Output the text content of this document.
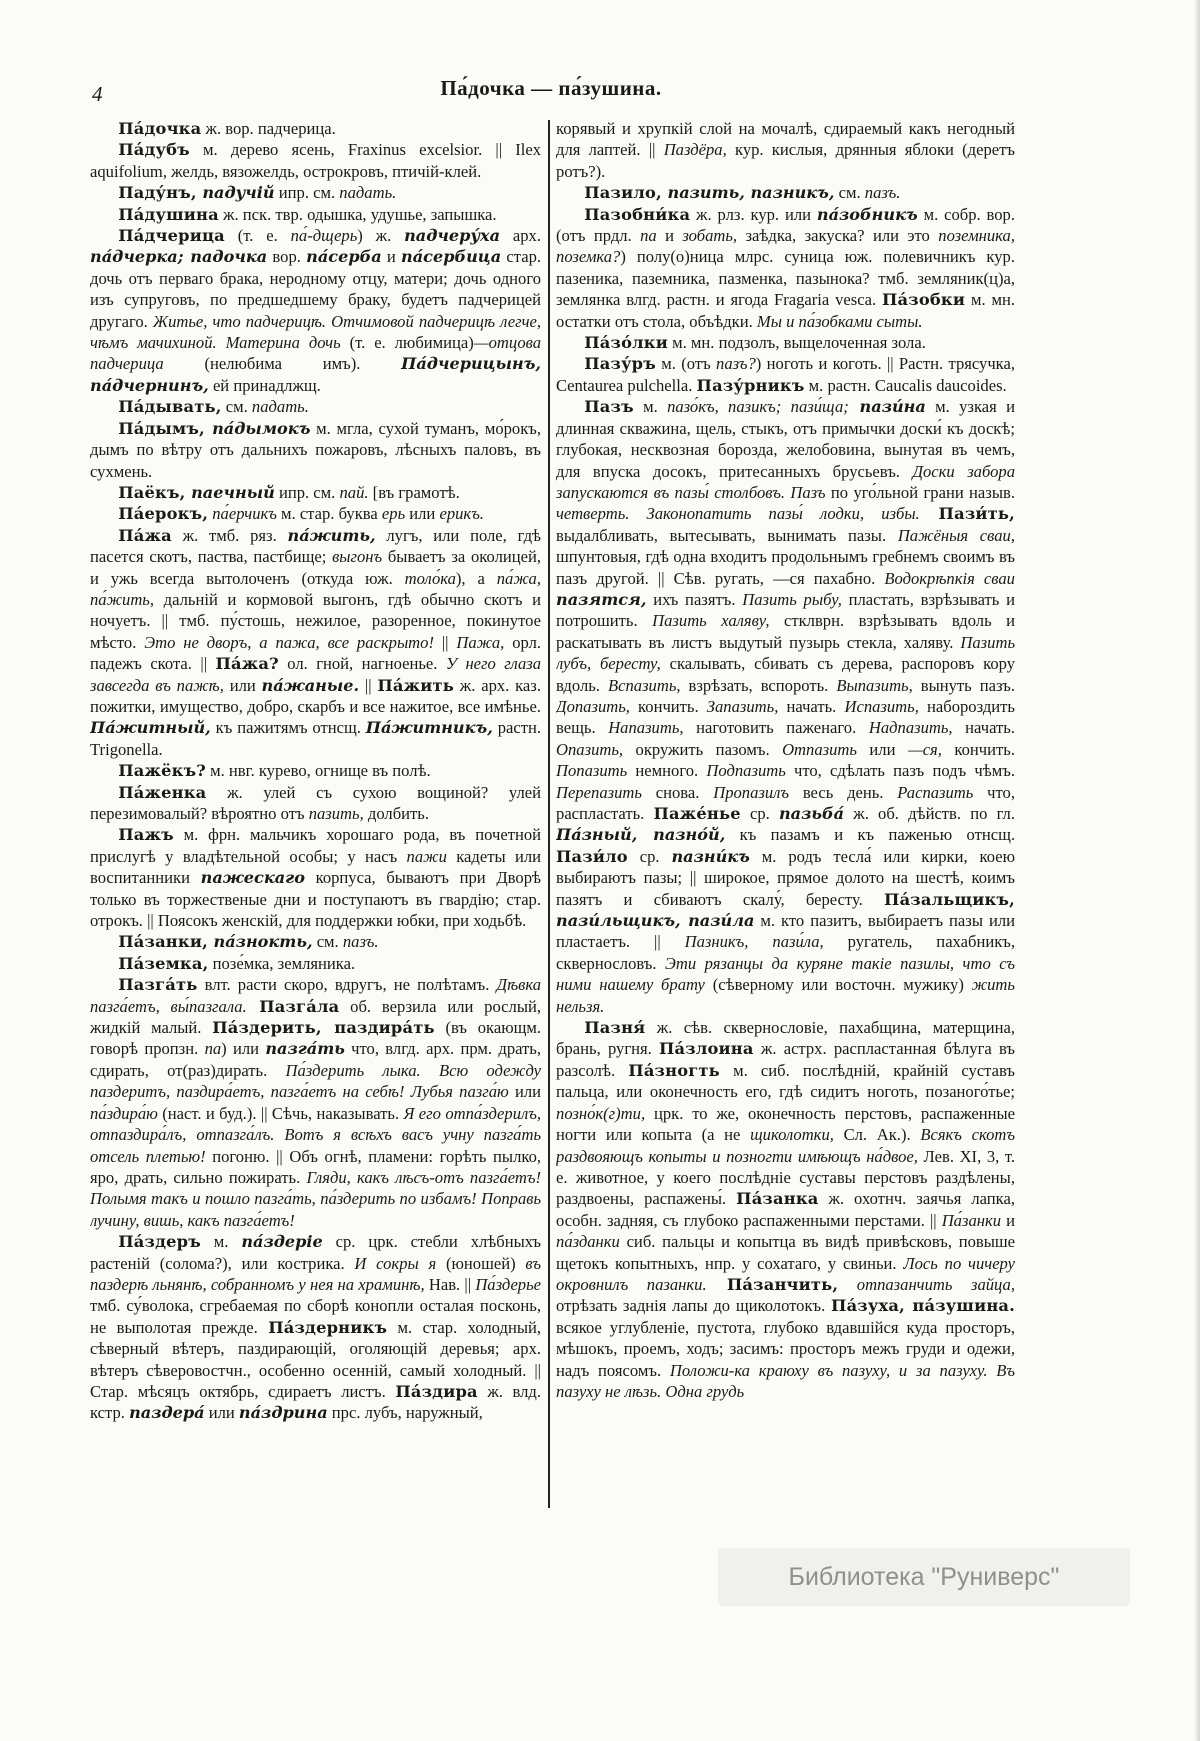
4	Па́дочка — па́зушина.
Па́дочка ж. вор. падчерица.
Па́дубъ м. дерево ясень, Fraxinus excelsior. || Ilex aquifolium, желдь, вязожелдь, острокровъ, птичій-клей.
Паду́нъ, падучій ипр. см. падать.
Па́душина ж. пск. твр. одышка, удушье, запышка.
Па́дчерица (т. е. па́-дщерь) ж. падчеру́ха арх. па́дчерка; падочка вор. па́серба и па́сербица стар. дочь отъ перваго брака, неродному отцу, матери; дочь одного изъ супруговъ, по предшедшему браку, будетъ падчерицей другаго. Житье, что падчерицѣ. Отчимовой падчерицѣ легче, чѣмъ мачихиной. Материна дочь (т. е. любимица)—отцова падчерица (нелюбима имъ). Па́дчерицынъ, па́дчернинъ, ей принадлжщ.
Па́дывать, см. падать.
Па́дымъ, па́дымокъ м. мгла, сухой туманъ, мо́рокъ, дымъ по вѣтру отъ дальнихъ пожаровъ, лѣсныхъ паловъ, въ сухмень.
Паёкъ, паечный ипр. см. пай. [въ грамотѣ.
Па́ерокъ, па́ерчикъ м. стар. буква ерь или ерикъ.
Па́жа ж. тмб. ряз. па́жить, лугъ, или поле, гдѣ пасется скотъ, паства, пастбище; выгонъ бываетъ за околицей, и ужь всегда вытолоченъ (откуда юж. толо́ка), а па́жа, па́жить, дальній и кормовой выгонъ, гдѣ обычно скотъ и ночуетъ. || тмб. пу́стошь, нежилое, разоренное, покинутое мѣсто. Это не дворъ, а пажа, все раскрыто! || Пажа, орл. падежъ скота. || Па́жа? ол. гной, нагноенье. У него глаза завсегда въ пажѣ, или па́жаные. || Па́жить ж. арх. каз. пожитки, имущество, добро, скарбъ и все нажитое, все имѣнье. Па́житный, къ пажитямъ отнсщ. Па́житникъ, растн. Trigonella.
Пажёкъ? м. нвг. курево, огнище въ полѣ.
Па́женка ж. улей съ сухою вощиной? улей перезимовалый? вѣроятно отъ пазить, долбить.
Пажъ м. фрн. мальчикъ хорошаго рода, въ почетной прислугѣ у владѣтельной особы; у насъ пажи кадеты или воспитанники пажескаго корпуса, бываютъ при Дворѣ только въ торжественые дни и поступаютъ въ гвардію; стар. отрокъ. || Поясокъ женскій, для поддержки юбки, при ходьбѣ.
Па́занки, па́знокть, см. пазъ.
Па́земка, позе́мка, земляника.
Пазга́ть влт. расти скоро, вдругъ, не полѣтамъ. Дѣвка пазга́етъ, вы́пазгала. Пазга́ла об. верзила или рослый, жидкій малый. Па́здерить, паздира́ть (въ окающм. говорѣ пропзн. па) или пазга́ть что, влгд. арх. прм. драть, сдирать, от(раз)дирать. Па́здерить лыка. Всю одежду паздеритъ, паздира́етъ, пазга́етъ на себѣ! Лубья пазга́ю или па́здира́ю (наст. и буд.). || Сѣчь, наказывать. Я его отпа́здерилъ, отпаздира́лъ, отпазга́лъ. Вотъ я всѣхъ васъ учну пазга́ть отсель плетью! погоню. || Объ огнѣ, пламени: горѣть пылко, яро, драть, сильно пожирать. Гляди, какъ лѣсъ-отъ пазга́етъ! Полымя такъ и пошло пазга́ть, па́здерить по избамъ! Поправь лучину, вишь, какъ пазга́етъ!
Па́здеръ м. па́здеріе ср. црк. стебли хлѣбныхъ растеній (солома?), или кострика. И сокры я (юношей) въ паздерѣ льнянѣ, собранномъ у нея на храминѣ, Нав. || Па́здерье тмб. су́волока, сгребаемая по сборѣ конопли осталая посконь, не выполотая прежде. Па́здерникъ м. стар. холодный, сѣверный вѣтеръ, паздирающій, оголяющій деревья; арх. вѣтеръ сѣверовостчн., особенно осенній, самый холодный. || Стар. мѣсяцъ октябрь, сдираетъ листъ. Па́здира ж. влд. кстр. паздера́ или па́здрина прс. лубъ, наружный,
корявый и хрупкій слой на мочалѣ, сдираемый какъ негодный для лаптей. || Паздёра, кур. кислыя, дрянныя яблоки (деретъ ротъ?).
Пазило, пазить, пазникъ, см. пазъ.
Пазобни́ка ж. рлз. кур. или па́зобникъ м. собр. вор. (отъ прдл. па и зобать, заѣдка, закуска? или это поземника, поземка?) полу(о)ница млрс. суница юж. полевичникъ кур. пазеника, паземника, пазменка, пазынока? тмб. земляник(ц)а, землянка влгд. растн. и ягода Fragaria vesca. Па́зобки м. мн. остатки отъ стола, объѣдки. Мы и па́зобками сыты.
Па́зо́лки м. мн. подзолъ, выщелоченная зола.
Пазу́ръ м. (отъ пазъ?) ноготь и коготь. || Растн. трясучка, Centaurea pulchella. Пазу́рникъ м. растн. Caucalis daucoides.
Пазъ м. пазо́къ, пазикъ; пази́ща; пази́на м. узкая и длинная скважина, щель, стыкъ, отъ примычки доски́ къ доскѣ; глубокая, несквозная борозда, желобовина, вынутая въ чемъ, для впуска досокъ, притесанныхъ брусьевъ. Доски забора запускаются въ пазы́ столбовъ. Пазъ по уго́льной грани назыв. четверть. Законопатить пазы́ лодки, избы. Пази́ть, выдалбливать, вытесывать, вынимать пазы. Пажёныя сваи, шпунтовыя, гдѣ одна входитъ продольнымъ гребнемъ своимъ въ пазъ другой. || Сѣв. ругать, —ся пахабно. Водокрѣпкія сваи пазятся, ихъ пазятъ. Пазить рыбу, пластать, взрѣзывать и потрошить. Пазить халяву, стклврн. взрѣзывать вдоль и раскатывать въ листъ выдутый пузырь стекла, халяву. Пазить лубъ, бересту, скалывать, сбивать съ дерева, распоровъ кору вдоль. Вспазить, взрѣзать, вспороть. Выпазить, вынуть пазъ. Допазить, кончить. Запазить, начать. Испазить, набороздить вещь. Напазить, наготовить паженаго. Надпазить, начать. Опазить, окружить пазомъ. Отпазить или —ся, кончить. Попазить немного. Подпазить что, сдѣлать пазъ подъ чѣмъ. Перепазить снова. Пропазилъ весь день. Распазить что, распластать. Паже́нье ср. пазьба́ ж. об. дѣйств. по гл. Па́зный, пазно́й, къ пазамъ и къ паженью отнсщ. Пази́ло ср. пазни́къ м. родъ тесла́ или кирки, коею выбираютъ пазы; || широкое, прямое долото на шестѣ, коимъ пазятъ и сбиваютъ скалу́, бересту. Па́зальщикъ, пази́льщикъ, пази́ла м. кто пазитъ, выбираетъ пазы или пластаетъ. || Пазникъ, пази́ла, ругатель, пахабникъ, сквернословъ. Эти рязанцы да куряне такіе пазилы, что съ ними нашему брату (сѣверному или восточн. мужику) жить нельзя.
Пазня́ ж. сѣв. сквернословіе, пахабщина, матерщина, брань, ругня. Па́злоина ж. астрх. распластанная бѣлуга въ разсолѣ. Па́зногть м. сиб. послѣдній, крайній суставъ пальца, или оконечность его, гдѣ сидитъ ноготь, позаного́тье; позно́к(г)ти, црк. то же, оконечность перстовъ, распаженные ногти или копыта (а не щиколотки, Сл. Ак.). Всякъ скотъ раздвояющъ копыты и позногти имѣющъ на́двое, Лев. XI, 3, т. е. животное, у коего послѣдніе суставы перстовъ раздѣлены, раздвоены, распажены́. Па́занка ж. охотнч. заячья лапка, особн. задняя, съ глубоко распаженными перстами. || Па́занки и па́зданки сиб. пальцы и копытца въ видѣ привѣсковъ, повыше щетокъ копытныхъ, нпр. у сохатаго, у свиньи. Лось по чичеру окровнилъ пазанки. Па́занчить, отпазанчить зайца, отрѣзать заднія лапы до щиколотокъ. Па́зуха, па́зушина. всякое углубленіе, пустота, глубоко вдавшійся куда просторъ, мѣшокъ, проемъ, ходъ; засимъ: просторъ межъ груди и одежи, надъ поясомъ. Положи-ка краюху въ пазуху, и за пазуху. Въ пазуху не лѣзь. Одна грудь
Библиотека "Руниверс"
